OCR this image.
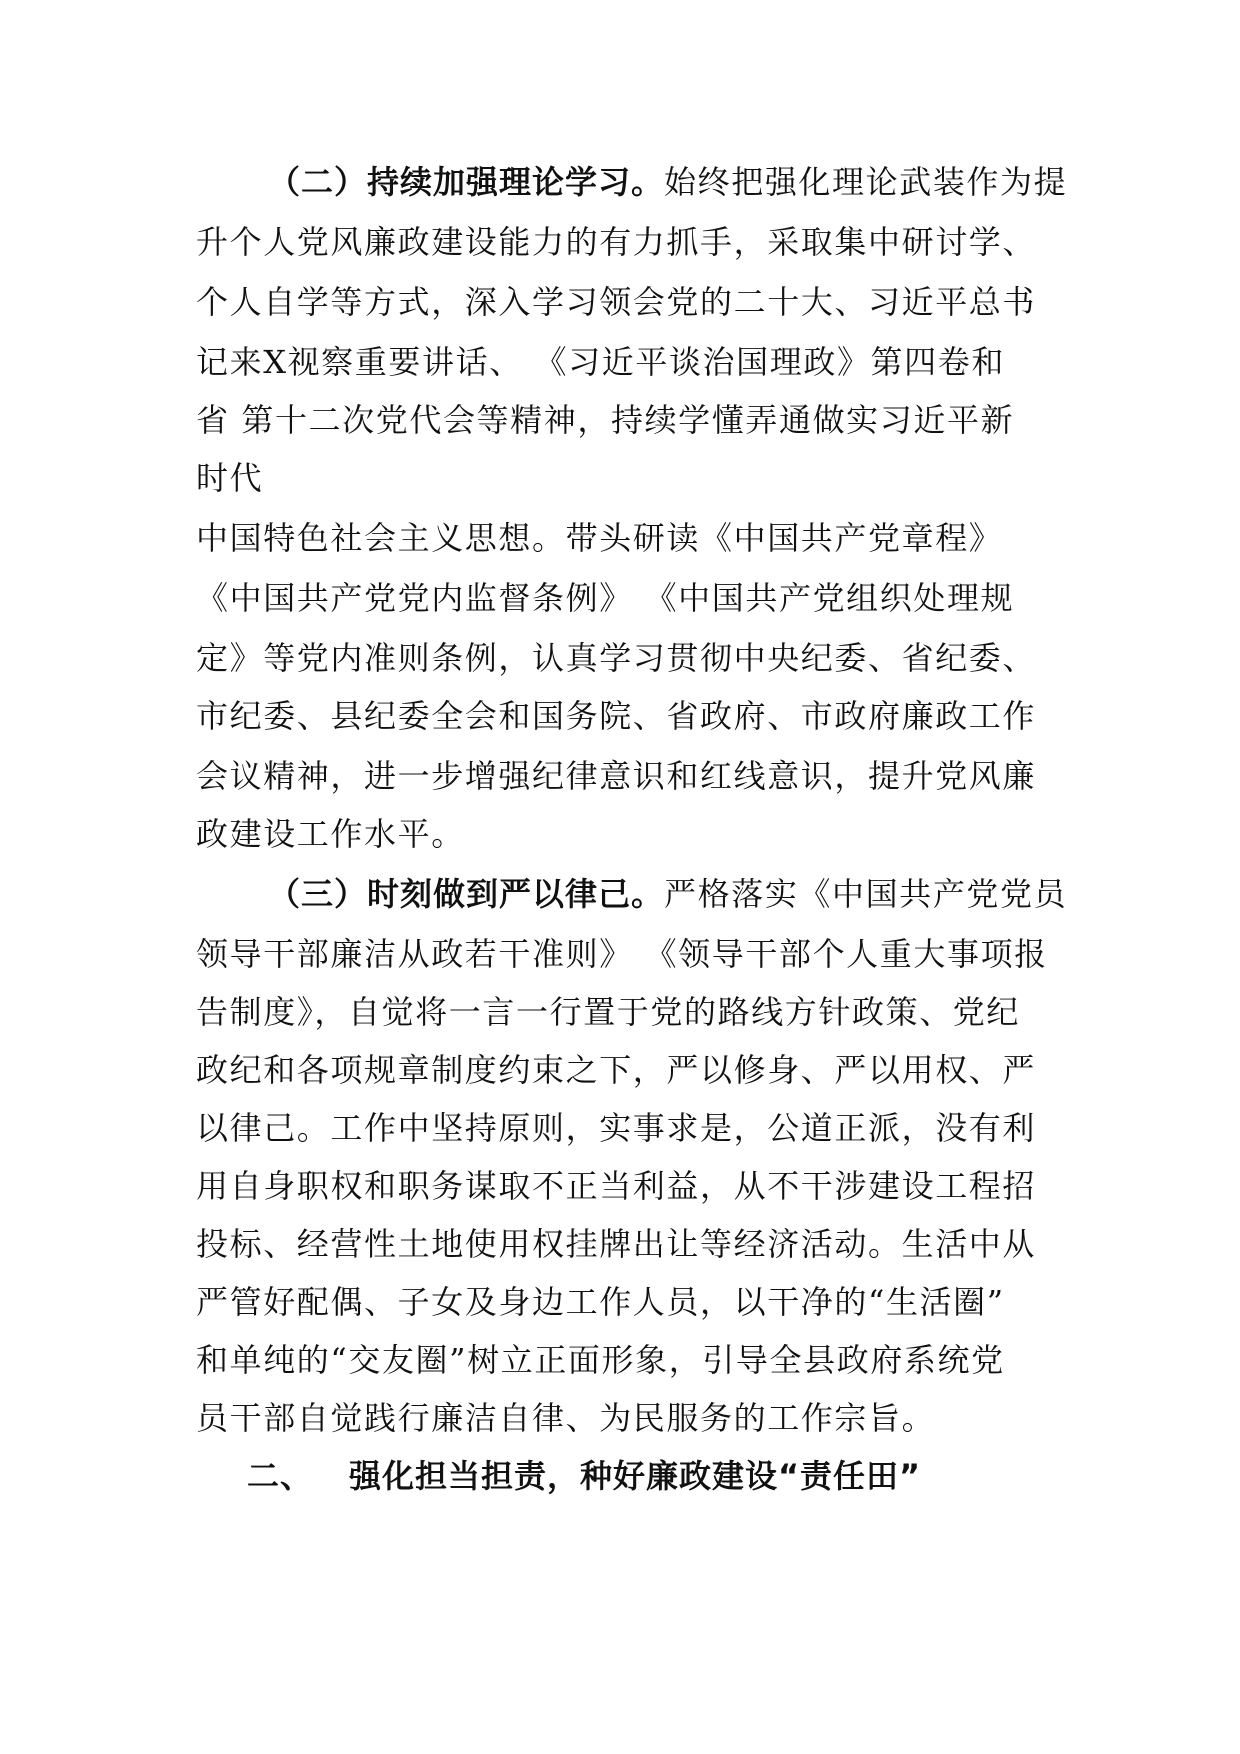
（二）持续加强理论学习。始终把强化理论武装作为提
升个人党风廉政建设能力的有力抓手，采取集中研讨学、
个人自学等方式，深入学习领会党的二十大、习近平总书
记来X视察重要讲话、 《习近平谈治国理政》第四卷和
省 第十二次党代会等精神，持续学懂弄通做实习近平新
时代
中国特色社会主义思想。带头研读《中国共产党章程》
《中国共产党党内监督条例》 《中国共产党组织处理规
定》等党内准则条例，认真学习贯彻中央纪委、省纪委、
市纪委、县纪委全会和国务院、省政府、市政府廉政工作
会议精神，进一步增强纪律意识和红线意识，提升党风廉
政建设工作水平。
（三）时刻做到严以律己。严格落实《中国共产党党员
领导干部廉洁从政若干准则》 《领导干部个人重大事项报
告制度》，自觉将一言一行置于党的路线方针政策、党纪
政纪和各项规章制度约束之下，严以修身、严以用权、严
以律己。工作中坚持原则，实事求是，公道正派，没有利
用自身职权和职务谋取不正当利益，从不干涉建设工程招
投标、经营性土地使用权挂牌出让等经济活动。生活中从
严管好配偶、子女及身边工作人员，以干净的“生活圈”
和单纯的“交友圈”树立正面形象，引导全县政府系统党
员干部自觉践行廉洁自律、为民服务的工作宗旨。
二、 强化担当担责，种好廉政建设“责任田”
